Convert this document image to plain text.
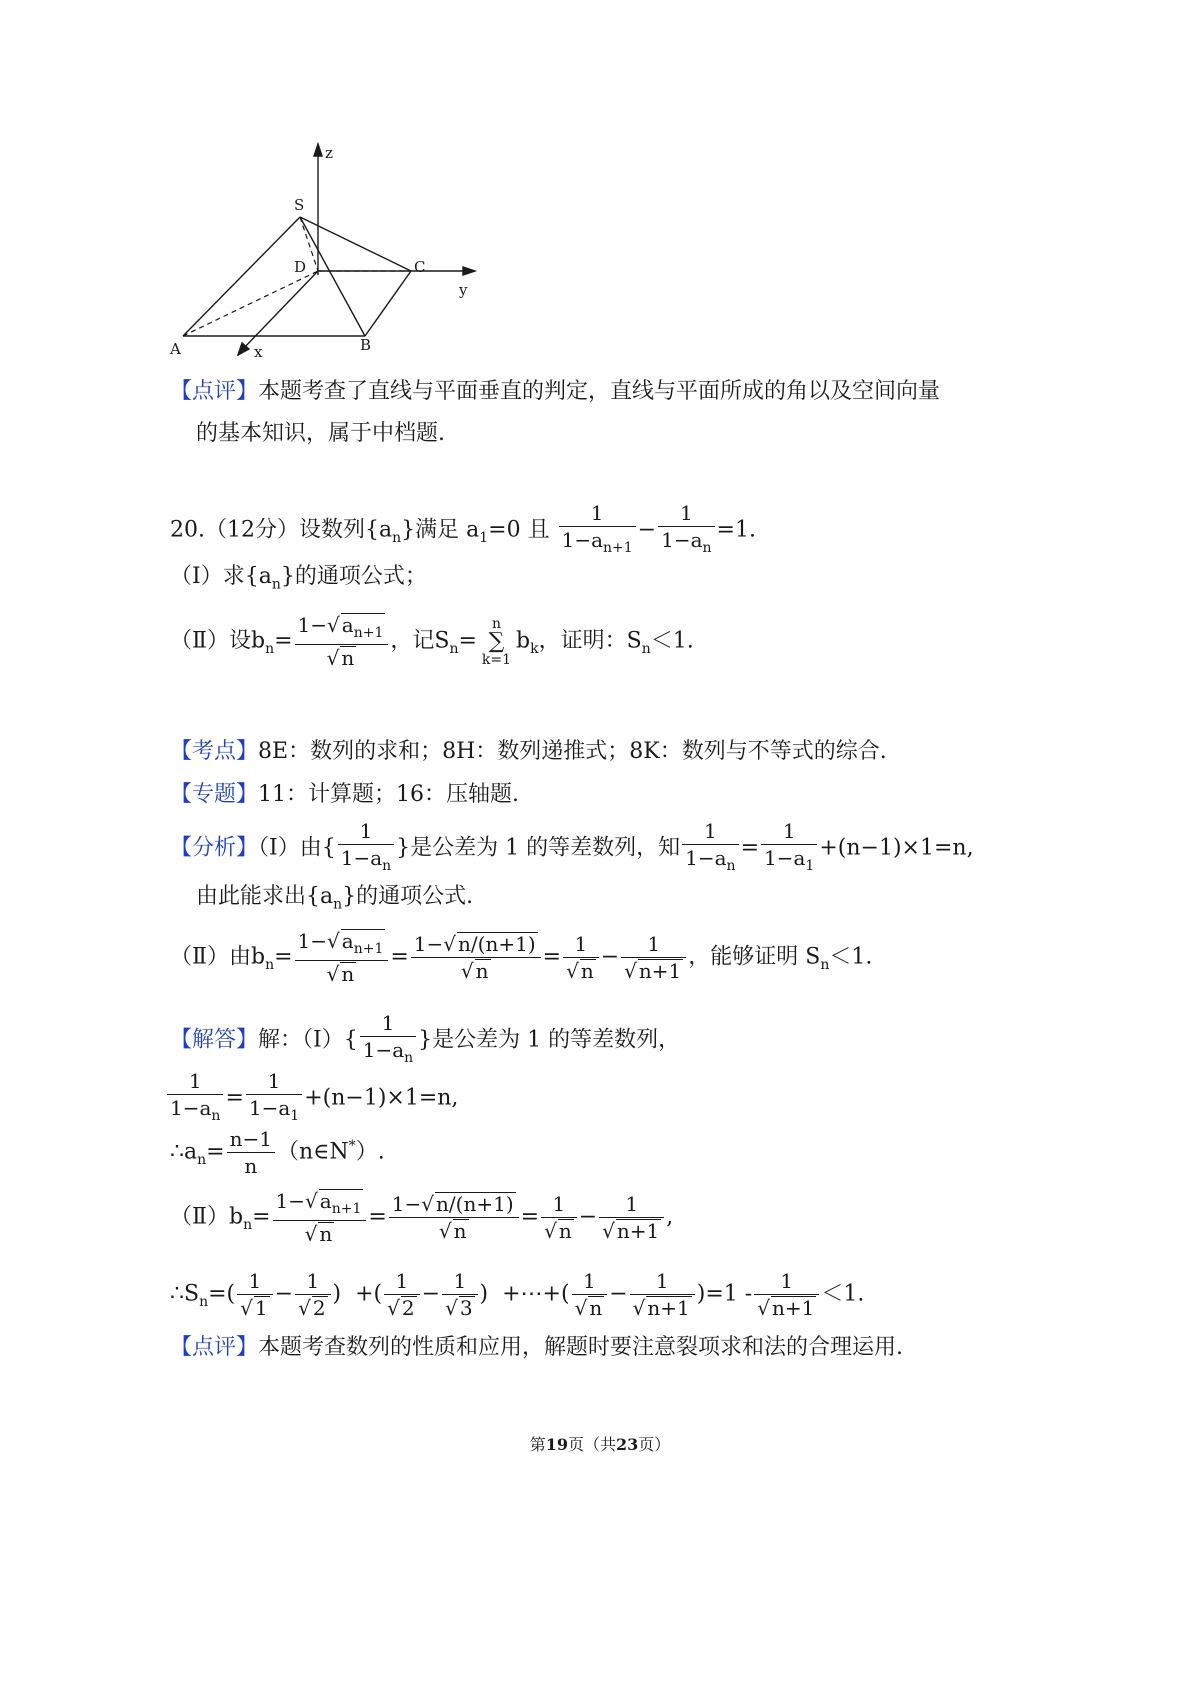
z
S
D	C
y
A	x	B
【点评】本题考查了直线与平面垂直的判定，直线与平面所成的角以及空间向量
的基本知识，属于中档题.
20.（12分）设数列$\{a_n\}$满足 $a_1=0$ 且 $\frac{1}{1-a_{n+1}} - \frac{1}{1-a_n} =1$.
（Ⅰ）求$\{a_n\}$的通项公式；
（Ⅱ）设$b_n= \frac{1-√ a_{n+1}}{√ n}$ ，记$S_n=$
n
∑
k=1
$b_k$，证明：$S_n<1$.
【考点】8E：数列的求和；8H：数列递推式；8K：数列与不等式的综合.
【专题】11：计算题；16：压轴题.
【分析】（Ⅰ）由{ $\frac{1}{1-a_n}$ }是公差为 1 的等差数列，知 $\frac{1}{1-a_n} = \frac{1}{1-a_1} +(n-1)\times 1=n$,
由此能求出$\{a_n\}$的通项公式.
（Ⅱ）由$b_n= \frac{1-√ a_{n+1}}{√ n} = \frac{1-√ n/(n+1)}{√ n} = \frac{1}{√ n} - \frac{1}{√ n+1}$ ，能够证明 $S_n<1$.
【解答】解：（Ⅰ）{ $\frac{1}{1-a_n}$ }是公差为 1 的等差数列，
$\frac{1}{1-a_n} = \frac{1}{1-a_1} +(n-1)\times 1=n$,
$\therefore a_n= \frac{n-1}{n}$ （n∈N*）.
$(Ⅱ)b_n= \frac{1-√ a_{n+1}}{√ n} = \frac{1-√ n/(n+1)}{√ n} = \frac{1}{√ n} - \frac{1}{√ n+1}$ ,
$\therefore S_n=( \frac{1}{√ 1} - \frac{1}{√ 2}$ )  +( $\frac{1}{√ 2} - \frac{1}{√ 3}$ )  +⋯+( $\frac{1}{√ n} - \frac{1}{√ n+1} )=1 - \frac{1}{√ n+1} <1$.
【点评】本题考查数列的性质和应用，解题时要注意裂项求和法的合理运用.
第19页（共23页）
